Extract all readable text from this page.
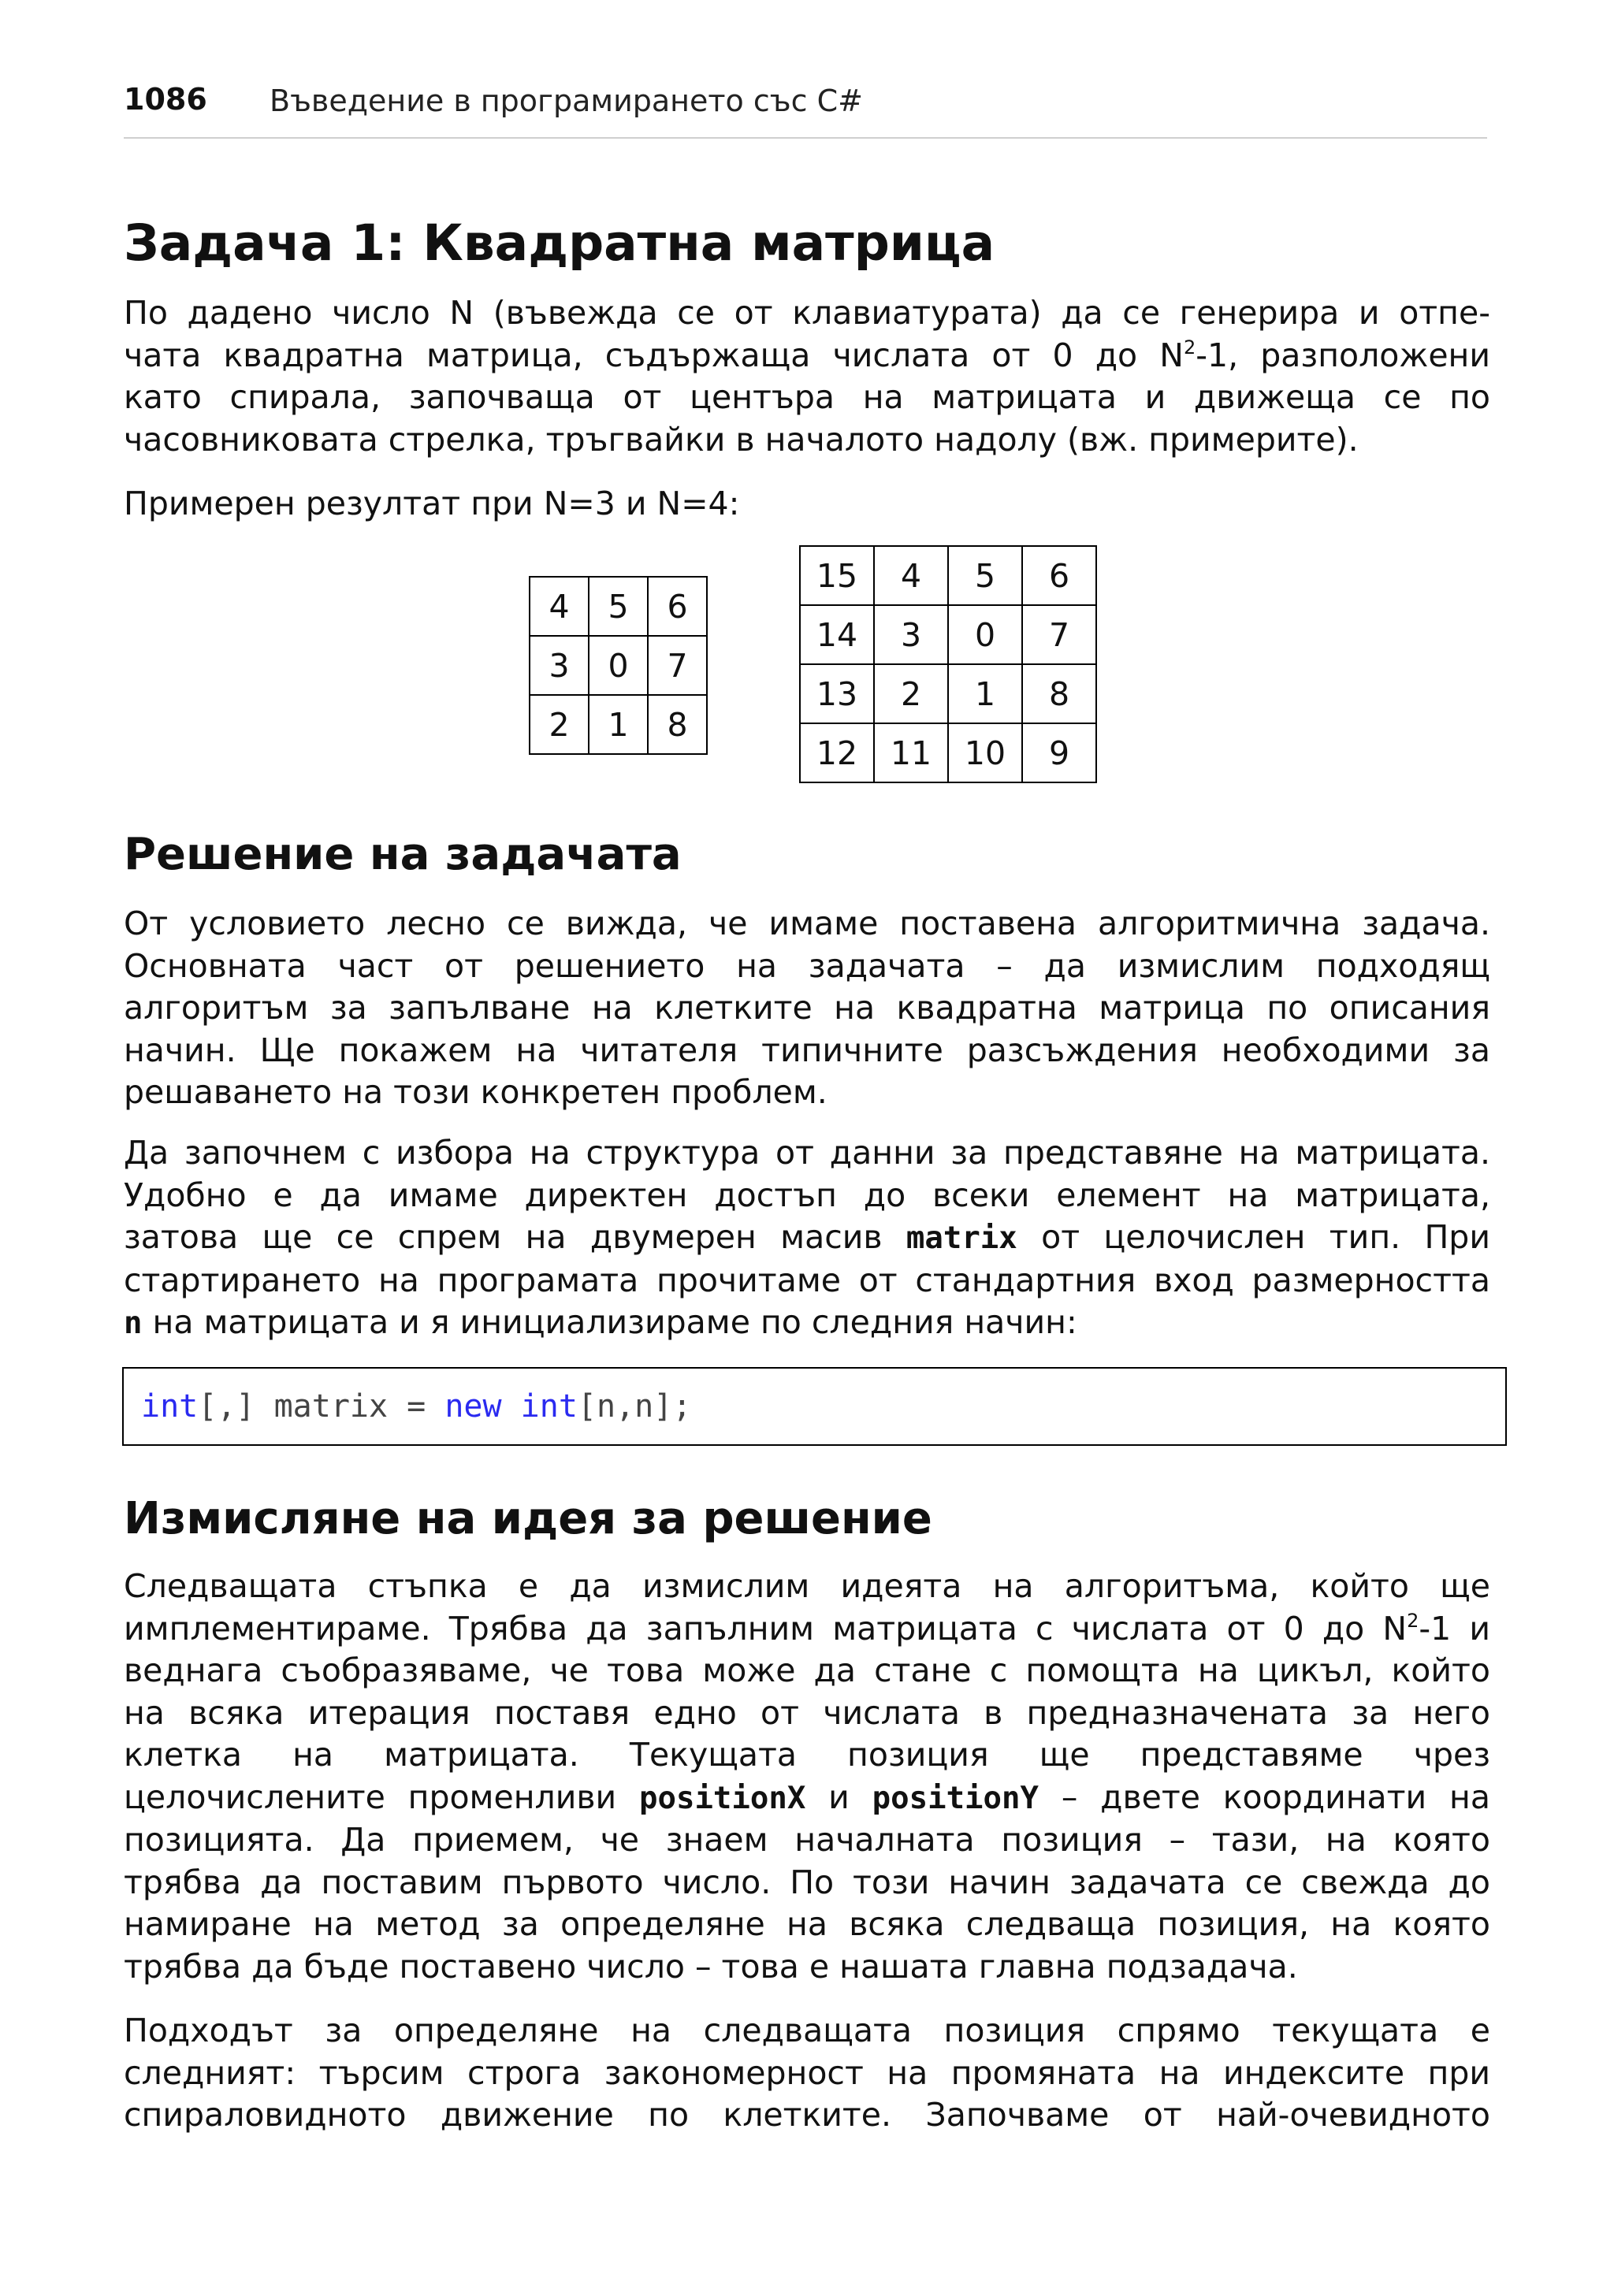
1086 Въведение в програмирането със C#
Задача 1: Квадратна матрица
По дадено число N (въвежда се от клавиатурата) да се генерира и отпе-
чата квадратна матрица, съдържаща числата от 0 до $N^2-1$, разположени
като спирала, започваща от центъра на матрицата и движеща се по
часовниковата стрелка, тръгвайки в началото надолу (вж. примерите).
Примерен резултат при N=3 и N=4:
4	5	6
3	0	7
2	1	8
15	4	5	6
14	3	0	7
13	2	1	8
12	11	10	9
Решение на задачата
От условието лесно се вижда, че имаме поставена алгоритмична задача.
Основната част от решението на задачата – да измислим подходящ
алгоритъм за запълване на клетките на квадратна матрица по описания
начин. Ще покажем на читателя типичните разсъждения необходими за
решаването на този конкретен проблем.
Да започнем с избора на структура от данни за представяне на матрицата.
Удобно е да имаме директен достъп до всеки елемент на матрицата,
затова ще се спрем на двумерен масив matrix от целочислен тип. При
стартирането на програмата прочитаме от стандартния вход размерността
n на матрицата и я инициализираме по следния начин:
int[,] matrix = new int[n,n];
Измисляне на идея за решение
Следващата стъпка е да измислим идеята на алгоритъма, който ще
имплементираме. Трябва да запълним матрицата с числата от 0 до $N^2-1$ и
веднага съобразяваме, че това може да стане с помощта на цикъл, който
на всяка итерация поставя едно от числата в предназначената за него
клетка на матрицата. Текущата позиция ще представяме чрез
целочислените променливи positionX и positionY – двете координати на
позицията. Да приемем, че знаем началната позиция – тази, на която
трябва да поставим първото число. По този начин задачата се свежда до
намиране на метод за определяне на всяка следваща позиция, на която
трябва да бъде поставено число – това е нашата главна подзадача.
Подходът за определяне на следващата позиция спрямо текущата е
следният: търсим строга закономерност на промяната на индексите при
спираловидното движение по клетките. Започваме от най-очевидното
